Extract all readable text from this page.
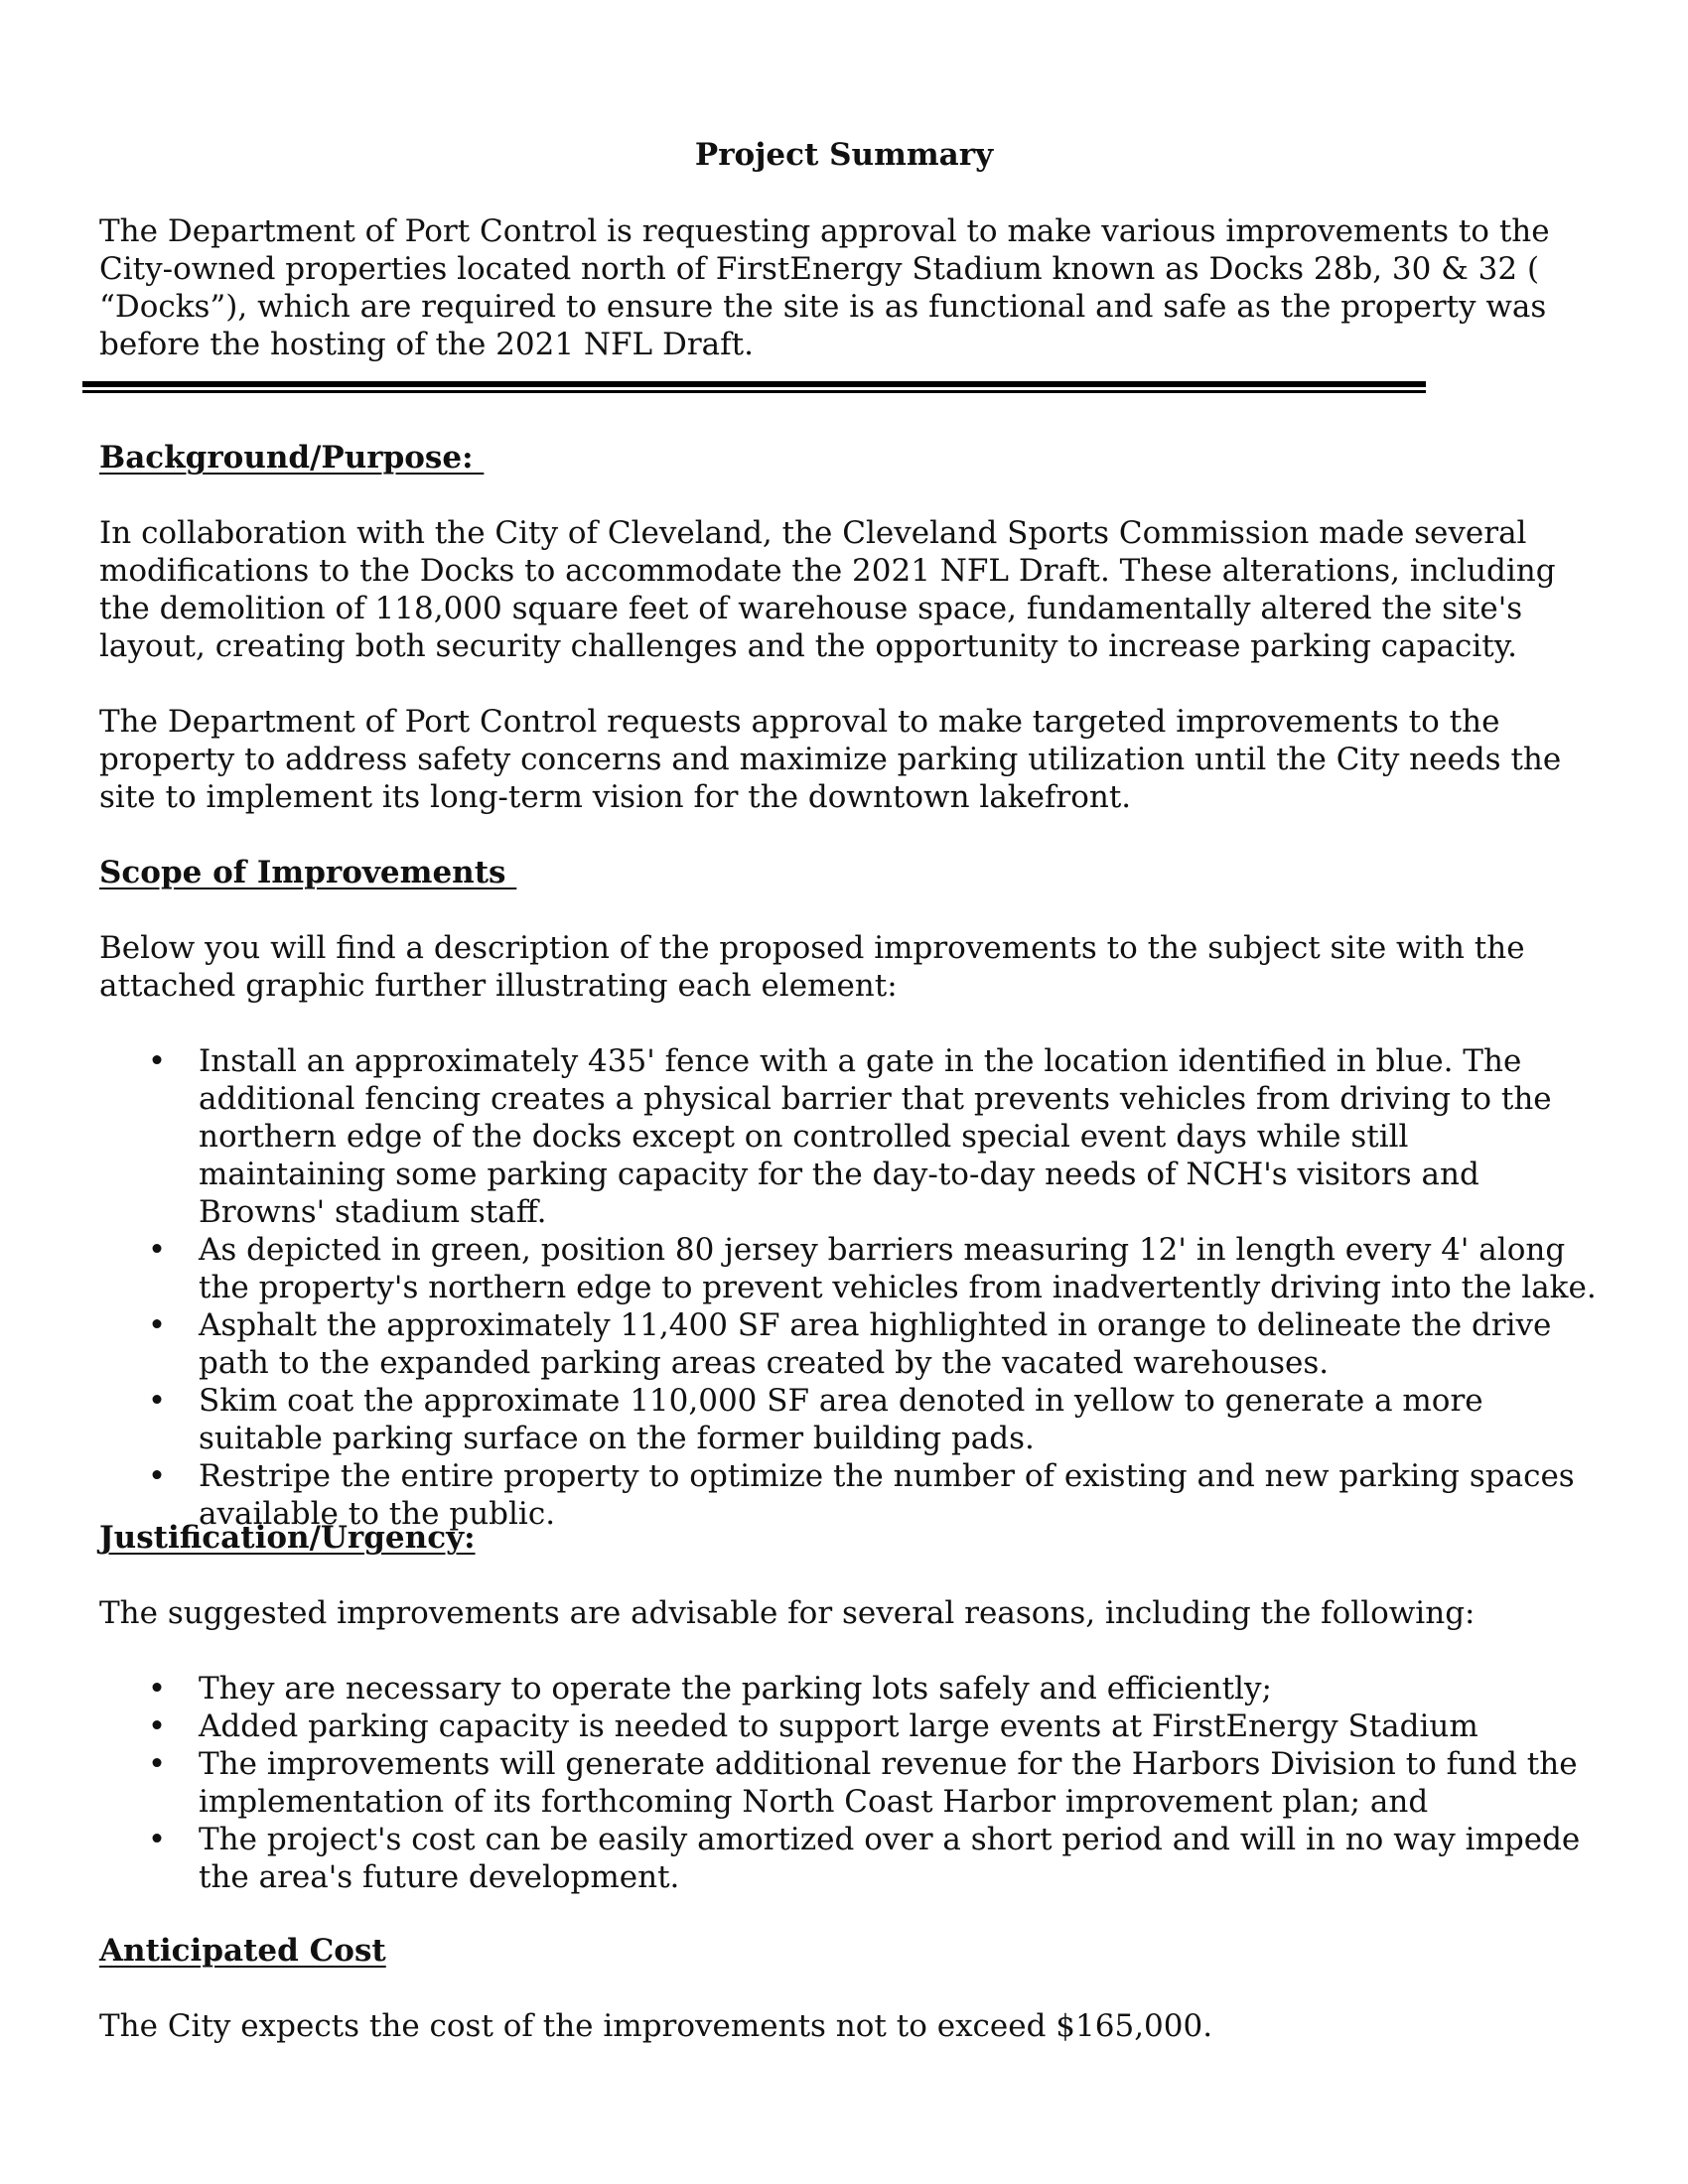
Project Summary

The Department of Port Control is requesting approval to make various improvements to the City-owned properties located north of FirstEnergy Stadium known as Docks 28b, 30 & 32 ( “Docks”), which are required to ensure the site is as functional and safe as the property was before the hosting of the 2021 NFL Draft.

Background/Purpose:

In collaboration with the City of Cleveland, the Cleveland Sports Commission made several modifications to the Docks to accommodate the 2021 NFL Draft. These alterations, including the demolition of 118,000 square feet of warehouse space, fundamentally altered the site's layout, creating both security challenges and the opportunity to increase parking capacity.

The Department of Port Control requests approval to make targeted improvements to the property to address safety concerns and maximize parking utilization until the City needs the site to implement its long-term vision for the downtown lakefront.

Scope of Improvements

Below you will find a description of the proposed improvements to the subject site with the attached graphic further illustrating each element:

• Install an approximately 435' fence with a gate in the location identified in blue. The additional fencing creates a physical barrier that prevents vehicles from driving to the northern edge of the docks except on controlled special event days while still maintaining some parking capacity for the day-to-day needs of NCH's visitors and Browns' stadium staff.
• As depicted in green, position 80 jersey barriers measuring 12' in length every 4' along the property's northern edge to prevent vehicles from inadvertently driving into the lake.
• Asphalt the approximately 11,400 SF area highlighted in orange to delineate the drive path to the expanded parking areas created by the vacated warehouses.
• Skim coat the approximate 110,000 SF area denoted in yellow to generate a more suitable parking surface on the former building pads.
• Restripe the entire property to optimize the number of existing and new parking spaces available to the public.
Justification/Urgency:

The suggested improvements are advisable for several reasons, including the following:

• They are necessary to operate the parking lots safely and efficiently;
• Added parking capacity is needed to support large events at FirstEnergy Stadium
• The improvements will generate additional revenue for the Harbors Division to fund the implementation of its forthcoming North Coast Harbor improvement plan; and
• The project's cost can be easily amortized over a short period and will in no way impede the area's future development.
Anticipated Cost

The City expects the cost of the improvements not to exceed $165,000.
